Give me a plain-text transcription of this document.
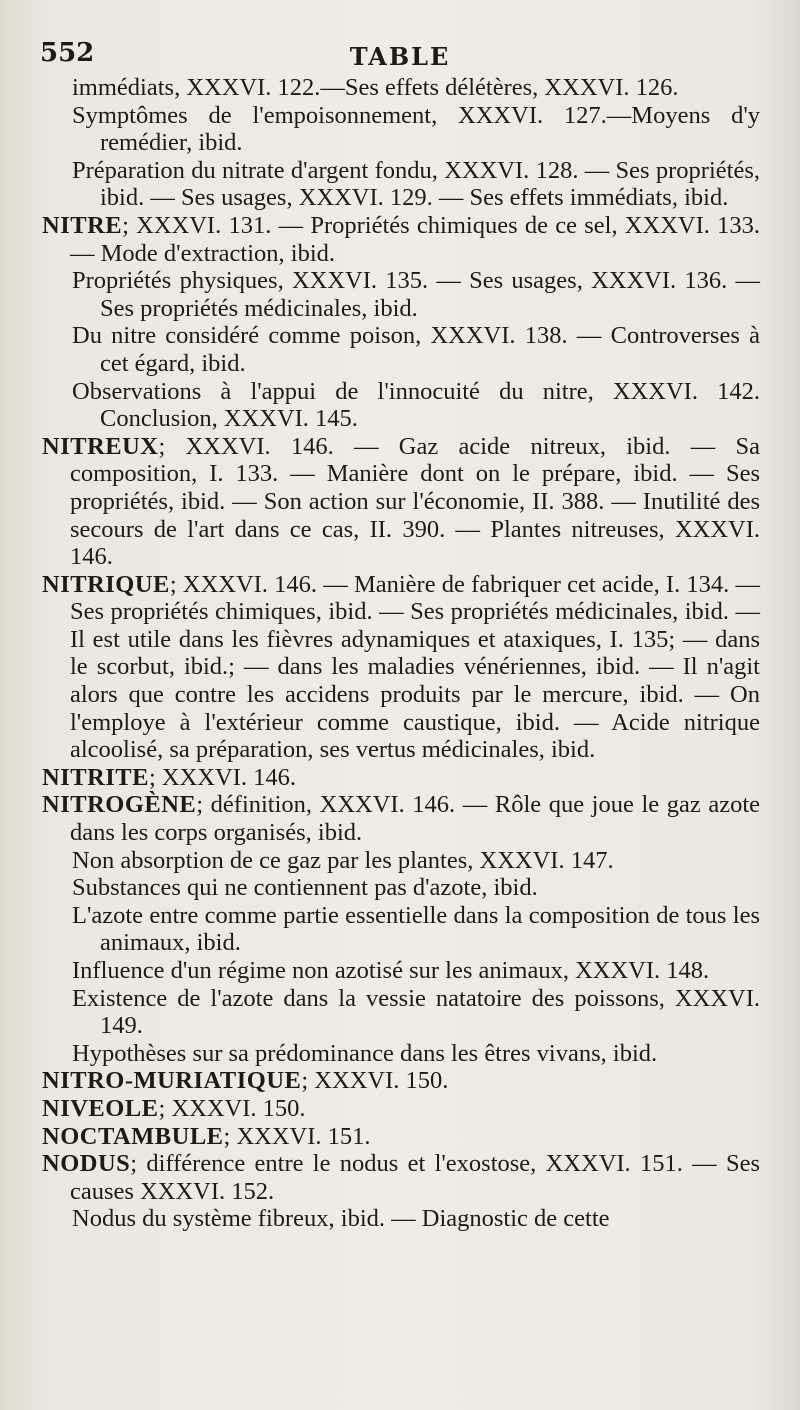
552	TABLE

immédiats, XXXVI. 122.—Ses effets délétères, XXXVI. 126.

Symptômes de l'empoisonnement, XXXVI. 127.—Moyens d'y remédier, ibid.

Préparation du nitrate d'argent fondu, XXXVI. 128. — Ses propriétés, ibid. — Ses usages, XXXVI. 129. — Ses effets immédiats, ibid.

NITRE; XXXVI. 131. — Propriétés chimiques de ce sel, XXXVI. 133. — Mode d'extraction, ibid.

Propriétés physiques, XXXVI. 135. — Ses usages, XXXVI. 136. — Ses propriétés médicinales, ibid.

Du nitre considéré comme poison, XXXVI. 138. — Controverses à cet égard, ibid.

Observations à l'appui de l'innocuité du nitre, XXXVI. 142. Conclusion, XXXVI. 145.

NITREUX; XXXVI. 146. — Gaz acide nitreux, ibid. — Sa composition, I. 133. — Manière dont on le prépare, ibid. — Ses propriétés, ibid. — Son action sur l'économie, II. 388. — Inutilité des secours de l'art dans ce cas, II. 390. — Plantes nitreuses, XXXVI. 146.

NITRIQUE; XXXVI. 146. — Manière de fabriquer cet acide, I. 134. — Ses propriétés chimiques, ibid. — Ses propriétés médicinales, ibid. — Il est utile dans les fièvres adynamiques et ataxiques, I. 135; — dans le scorbut, ibid.; — dans les maladies vénériennes, ibid. — Il n'agit alors que contre les accidens produits par le mercure, ibid. — On l'employe à l'extérieur comme caustique, ibid. — Acide nitrique alcoolisé, sa préparation, ses vertus médicinales, ibid.

NITRITE; XXXVI. 146.

NITROGÈNE; définition, XXXVI. 146. — Rôle que joue le gaz azote dans les corps organisés, ibid.

Non absorption de ce gaz par les plantes, XXXVI. 147.

Substances qui ne contiennent pas d'azote, ibid.

L'azote entre comme partie essentielle dans la composition de tous les animaux, ibid.

Influence d'un régime non azotisé sur les animaux, XXXVI. 148.

Existence de l'azote dans la vessie natatoire des poissons, XXXVI. 149.

Hypothèses sur sa prédominance dans les êtres vivans, ibid.

NITRO-MURIATIQUE; XXXVI. 150.

NIVEOLE; XXXVI. 150.

NOCTAMBULE; XXXVI. 151.

NODUS; différence entre le nodus et l'exostose, XXXVI. 151. — Ses causes XXXVI. 152.

Nodus du système fibreux, ibid. — Diagnostic de cette
